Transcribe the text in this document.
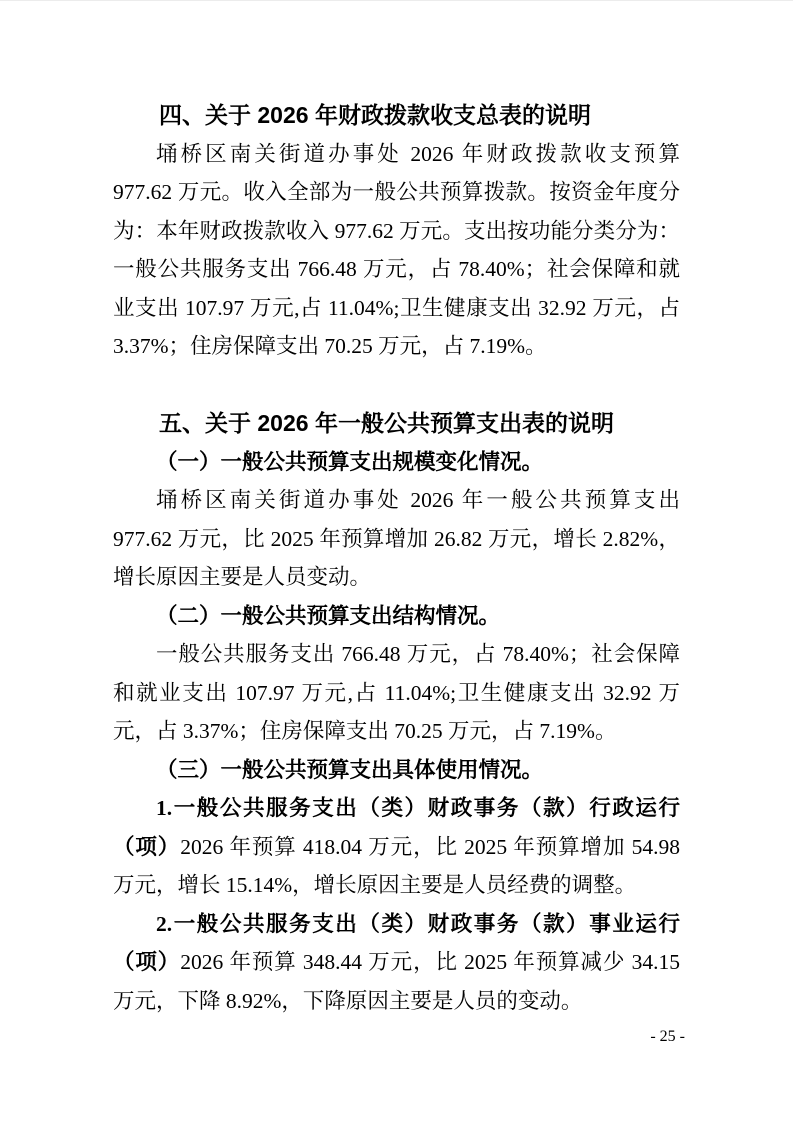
四、关于 2026 年财政拨款收支总表的说明

埇桥区南关街道办事处 2026 年财政拨款收支预算 977.62 万元。收入全部为一般公共预算拨款。按资金年度分为：本年财政拨款收入 977.62 万元。支出按功能分类分为：一般公共服务支出 766.48 万元，占 78.40%；社会保障和就业支出 107.97 万元,占 11.04%;卫生健康支出 32.92 万元，占 3.37%；住房保障支出 70.25 万元，占 7.19%。

五、关于 2026 年一般公共预算支出表的说明
（一）一般公共预算支出规模变化情况。

埇桥区南关街道办事处 2026 年一般公共预算支出 977.62 万元，比 2025 年预算增加 26.82 万元，增长 2.82%，增长原因主要是人员变动。

（二）一般公共预算支出结构情况。

一般公共服务支出 766.48 万元，占 78.40%；社会保障和就业支出 107.97 万元,占 11.04%;卫生健康支出 32.92 万元，占 3.37%；住房保障支出 70.25 万元，占 7.19%。

（三）一般公共预算支出具体使用情况。

1.一般公共服务支出（类）财政事务（款）行政运行（项）2026 年预算 418.04 万元，比 2025 年预算增加 54.98 万元，增长 15.14%，增长原因主要是人员经费的调整。

2.一般公共服务支出（类）财政事务（款）事业运行（项）2026 年预算 348.44 万元，比 2025 年预算减少 34.15 万元，下降 8.92%，下降原因主要是人员的变动。

- 25 -
